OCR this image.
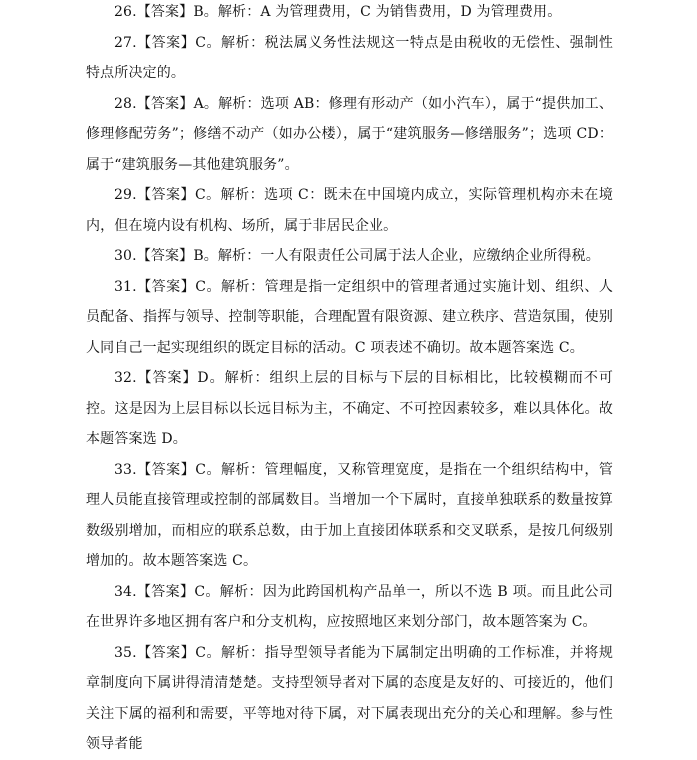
26.【答案】B。解析：A 为管理费用，C 为销售费用，D 为管理费用。

27.【答案】C。解析：税法属义务性法规这一特点是由税收的无偿性、强制性特点所决定的。

28.【答案】A。解析：选项 AB：修理有形动产（如小汽车），属于“提供加工、修理修配劳务”；修缮不动产（如办公楼），属于“建筑服务—修缮服务”；选项 CD：属于“建筑服务—其他建筑服务”。

29.【答案】C。解析：选项 C：既未在中国境内成立，实际管理机构亦未在境内，但在境内设有机构、场所，属于非居民企业。

30.【答案】B。解析：一人有限责任公司属于法人企业，应缴纳企业所得税。

31.【答案】C。解析：管理是指一定组织中的管理者通过实施计划、组织、人员配备、指挥与领导、控制等职能，合理配置有限资源、建立秩序、营造氛围，使别人同自己一起实现组织的既定目标的活动。C 项表述不确切。故本题答案选 C。

32.【答案】D。解析：组织上层的目标与下层的目标相比，比较模糊而不可控。这是因为上层目标以长远目标为主，不确定、不可控因素较多，难以具体化。故本题答案选 D。

33.【答案】C。解析：管理幅度，又称管理宽度，是指在一个组织结构中，管理人员能直接管理或控制的部属数目。当增加一个下属时，直接单独联系的数量按算数级别增加，而相应的联系总数，由于加上直接团体联系和交叉联系，是按几何级别增加的。故本题答案选 C。

34.【答案】C。解析：因为此跨国机构产品单一，所以不选 B 项。而且此公司在世界许多地区拥有客户和分支机构，应按照地区来划分部门，故本题答案为 C。

35.【答案】C。解析：指导型领导者能为下属制定出明确的工作标准，并将规章制度向下属讲得清清楚楚。支持型领导者对下属的态度是友好的、可接近的，他们关注下属的福利和需要，平等地对待下属，对下属表现出充分的关心和理解。参与性领导者能
